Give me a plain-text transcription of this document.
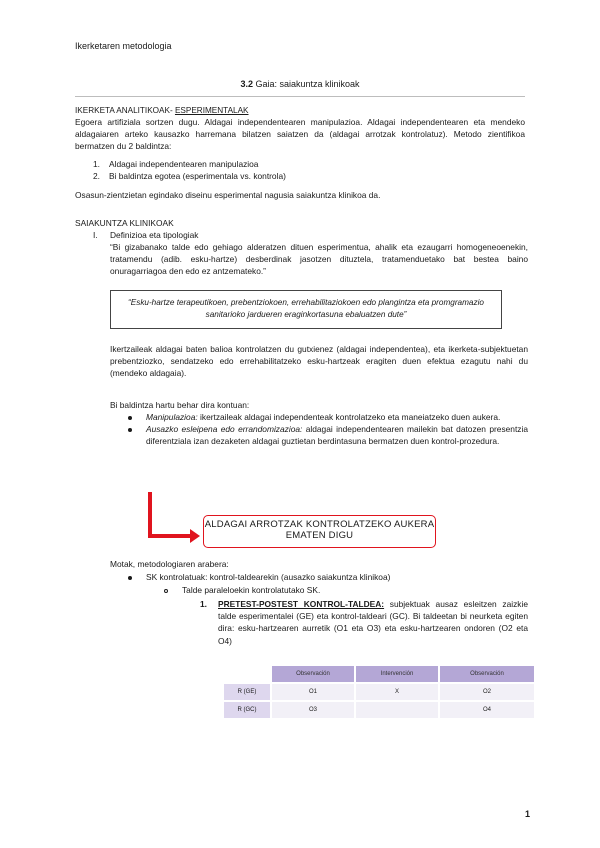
Ikerketaren metodologia
3.2 Gaia: saiakuntza klinikoak
IKERKETA ANALITIKOAK- ESPERIMENTALAK
Egoera artifiziala sortzen dugu. Aldagai independentearen manipulazioa. Aldagai independentearen eta mendeko aldagaiaren arteko kausazko harremana bilatzen saiatzen da (aldagai arrotzak kontrolatuz). Metodo zientifikoa bermatzen du 2 baldintza:
1. Aldagai independentearen manipulazioa
2. Bi baldintza egotea (esperimentala vs. kontrola)
Osasun-zientzietan egindako diseinu esperimental nagusia saiakuntza klinikoa da.
SAIAKUNTZA KLINIKOAK
I. Definizioa eta tipologiak
“Bi gizabanako talde edo gehiago alderatzen dituen esperimentua, ahalik eta ezaugarri homogeneoenekin, tratamendu (adib. esku-hartze) desberdinak jasotzen dituztela, tratamenduetako bat bestea baino onuragarriagoa den edo ez antzemateko.”
“Esku-hartze terapeutikoen, prebentziokoen, errehabilitaziokoen edo plangintza eta promgramazio sanitarioko jardueren eraginkortasuna ebaluatzen dute”
Ikertzaileak aldagai baten balioa kontrolatzen du gutxienez (aldagai independentea), eta ikerketa-subjektuetan prebentziozko, sendatzeko edo errehabilitatzeko esku-hartzeak eragiten duen efektua ezagutu nahi du (mendeko aldagaia).
Bi baldintza hartu behar dira kontuan:
Manipulazioa: ikertzaileak aldagai independenteak kontrolatzeko eta maneiatzeko duen aukera.
Ausazko esleipena edo errandomizazioa: aldagai independentearen mailekin bat datozen presentzia diferentziala izan dezaketen aldagai guztietan berdintasuna bermatzen duen kontrol-prozedura.
ALDAGAI ARROTZAK KONTROLATZEKO AUKERA EMATEN DIGU
Motak, metodologiaren arabera:
SK kontrolatuak: kontrol-taldearekin (ausazko saiakuntza klinikoa)
Talde paraleloekin kontrolatutako SK.
1.	PRETEST-POSTEST KONTROL-TALDEA: subjektuak ausaz esleitzen zaizkie talde esperimentalei (GE) eta kontrol-taldeari (GC). Bi taldeetan bi neurketa egiten dira: esku-hartzearen aurretik (O1 eta O3) eta esku-hartzearen ondoren (O2 eta O4)
	Observación	Intervención	Observación
R (GE)	O1	X	O2
R (GC)	O3		O4
1
